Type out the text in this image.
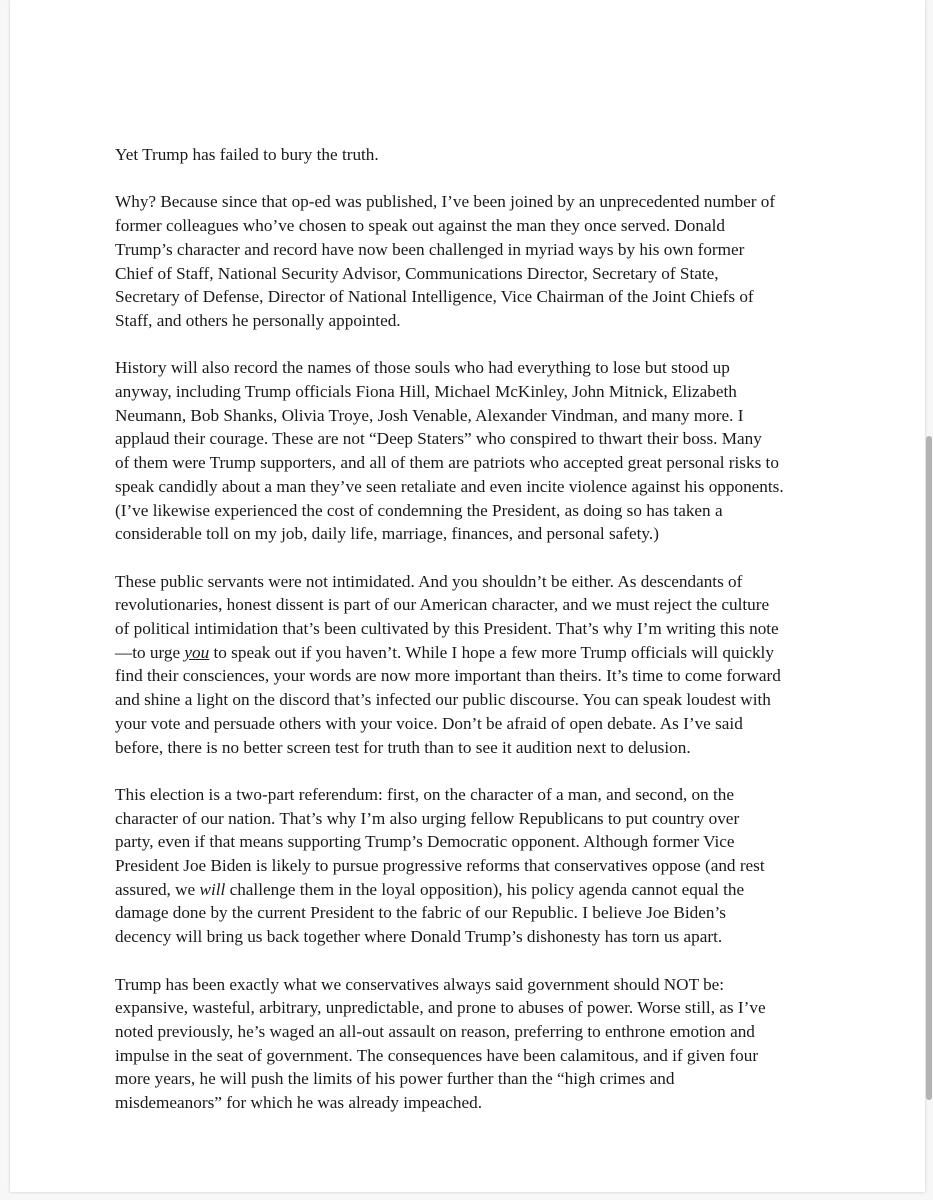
Yet Trump has failed to bury the truth.

Why? Because since that op-ed was published, I’ve been joined by an unprecedented number of
former colleagues who’ve chosen to speak out against the man they once served. Donald
Trump’s character and record have now been challenged in myriad ways by his own former
Chief of Staff, National Security Advisor, Communications Director, Secretary of State,
Secretary of Defense, Director of National Intelligence, Vice Chairman of the Joint Chiefs of
Staff, and others he personally appointed.

History will also record the names of those souls who had everything to lose but stood up
anyway, including Trump officials Fiona Hill, Michael McKinley, John Mitnick, Elizabeth
Neumann, Bob Shanks, Olivia Troye, Josh Venable, Alexander Vindman, and many more. I
applaud their courage. These are not “Deep Staters” who conspired to thwart their boss. Many
of them were Trump supporters, and all of them are patriots who accepted great personal risks to
speak candidly about a man they’ve seen retaliate and even incite violence against his opponents.
(I’ve likewise experienced the cost of condemning the President, as doing so has taken a
considerable toll on my job, daily life, marriage, finances, and personal safety.)

These public servants were not intimidated. And you shouldn’t be either. As descendants of
revolutionaries, honest dissent is part of our American character, and we must reject the culture
of political intimidation that’s been cultivated by this President. That’s why I’m writing this note
—to urge you to speak out if you haven’t. While I hope a few more Trump officials will quickly
find their consciences, your words are now more important than theirs. It’s time to come forward
and shine a light on the discord that’s infected our public discourse. You can speak loudest with
your vote and persuade others with your voice. Don’t be afraid of open debate. As I’ve said
before, there is no better screen test for truth than to see it audition next to delusion.

This election is a two-part referendum: first, on the character of a man, and second, on the
character of our nation. That’s why I’m also urging fellow Republicans to put country over
party, even if that means supporting Trump’s Democratic opponent. Although former Vice
President Joe Biden is likely to pursue progressive reforms that conservatives oppose (and rest
assured, we will challenge them in the loyal opposition), his policy agenda cannot equal the
damage done by the current President to the fabric of our Republic. I believe Joe Biden’s
decency will bring us back together where Donald Trump’s dishonesty has torn us apart.

Trump has been exactly what we conservatives always said government should NOT be:
expansive, wasteful, arbitrary, unpredictable, and prone to abuses of power. Worse still, as I’ve
noted previously, he’s waged an all-out assault on reason, preferring to enthrone emotion and
impulse in the seat of government. The consequences have been calamitous, and if given four
more years, he will push the limits of his power further than the “high crimes and
misdemeanors” for which he was already impeached.
